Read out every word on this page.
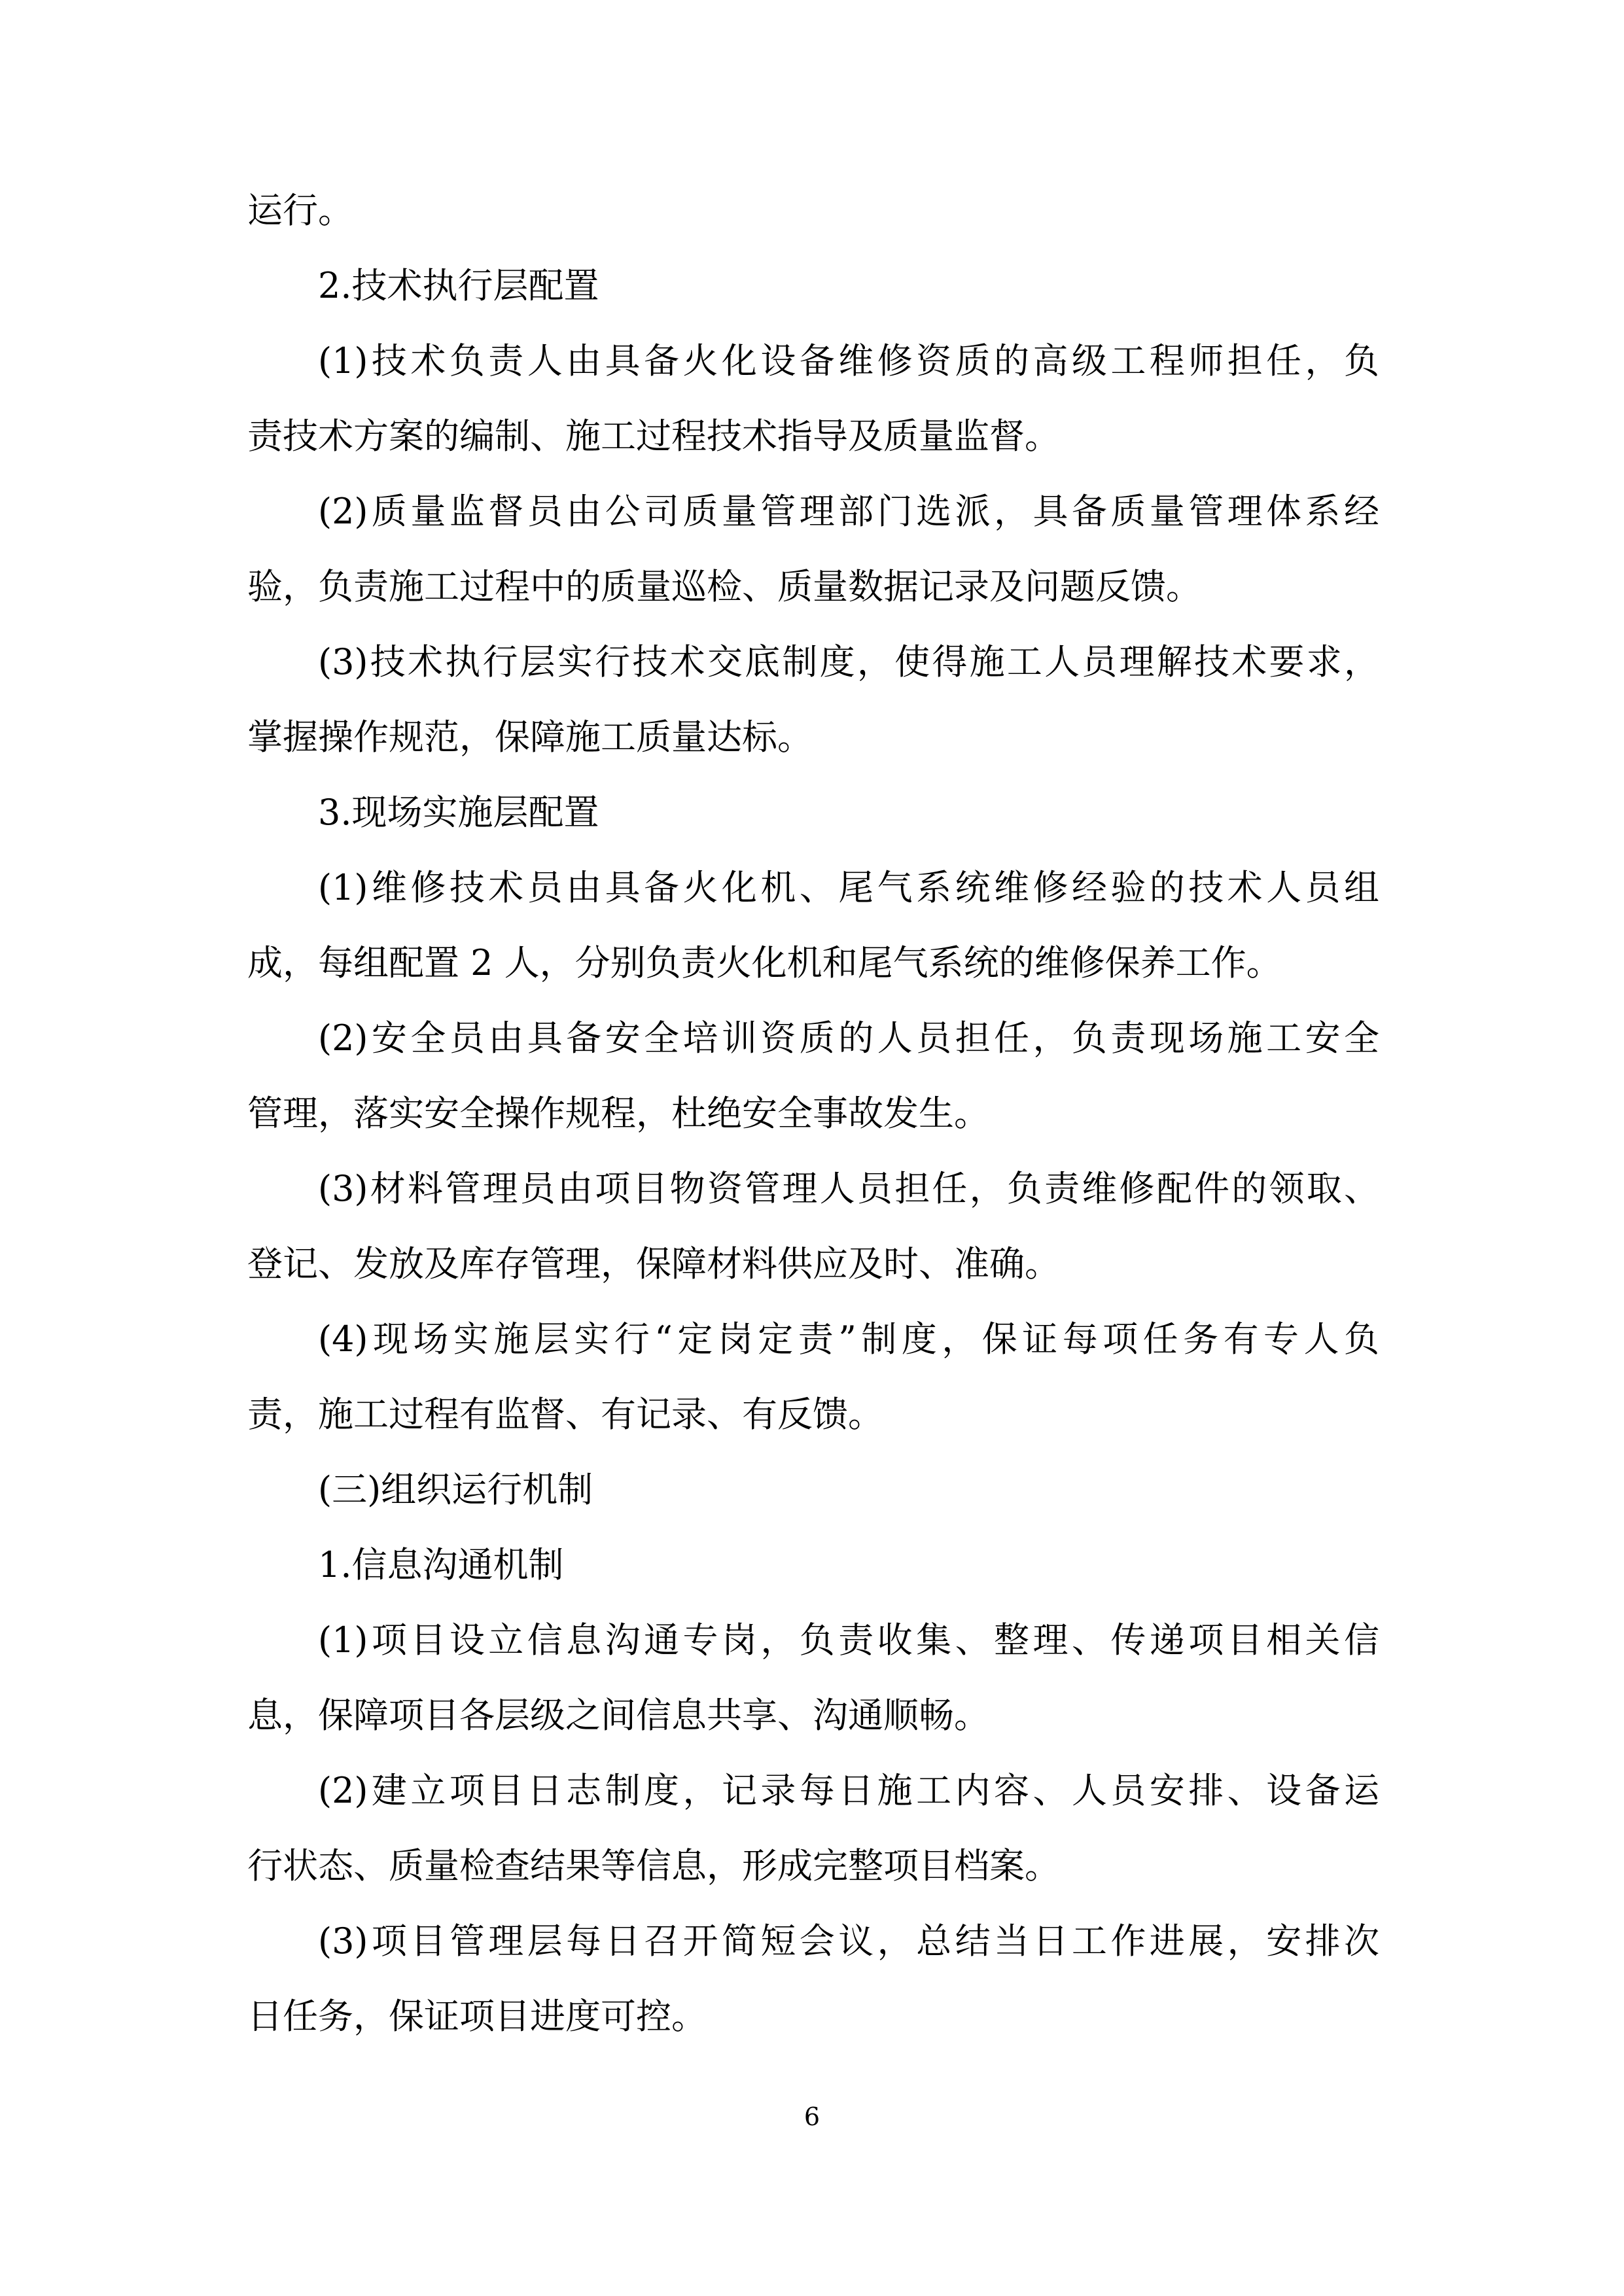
运行。
2.技术执行层配置
(1)技术负责人由具备火化设备维修资质的高级工程师担任，负
责技术方案的编制、施工过程技术指导及质量监督。
(2)质量监督员由公司质量管理部门选派，具备质量管理体系经
验，负责施工过程中的质量巡检、质量数据记录及问题反馈。
(3)技术执行层实行技术交底制度，使得施工人员理解技术要求，
掌握操作规范，保障施工质量达标。
3.现场实施层配置
(1)维修技术员由具备火化机、尾气系统维修经验的技术人员组
成，每组配置 2 人，分别负责火化机和尾气系统的维修保养工作。
(2)安全员由具备安全培训资质的人员担任，负责现场施工安全
管理，落实安全操作规程，杜绝安全事故发生。
(3)材料管理员由项目物资管理人员担任，负责维修配件的领取、
登记、发放及库存管理，保障材料供应及时、准确。
(4)现场实施层实行“定岗定责”制度，保证每项任务有专人负
责，施工过程有监督、有记录、有反馈。
(三)组织运行机制
1.信息沟通机制
(1)项目设立信息沟通专岗，负责收集、整理、传递项目相关信
息，保障项目各层级之间信息共享、沟通顺畅。
(2)建立项目日志制度，记录每日施工内容、人员安排、设备运
行状态、质量检查结果等信息，形成完整项目档案。
(3)项目管理层每日召开简短会议，总结当日工作进展，安排次
日任务，保证项目进度可控。
6
